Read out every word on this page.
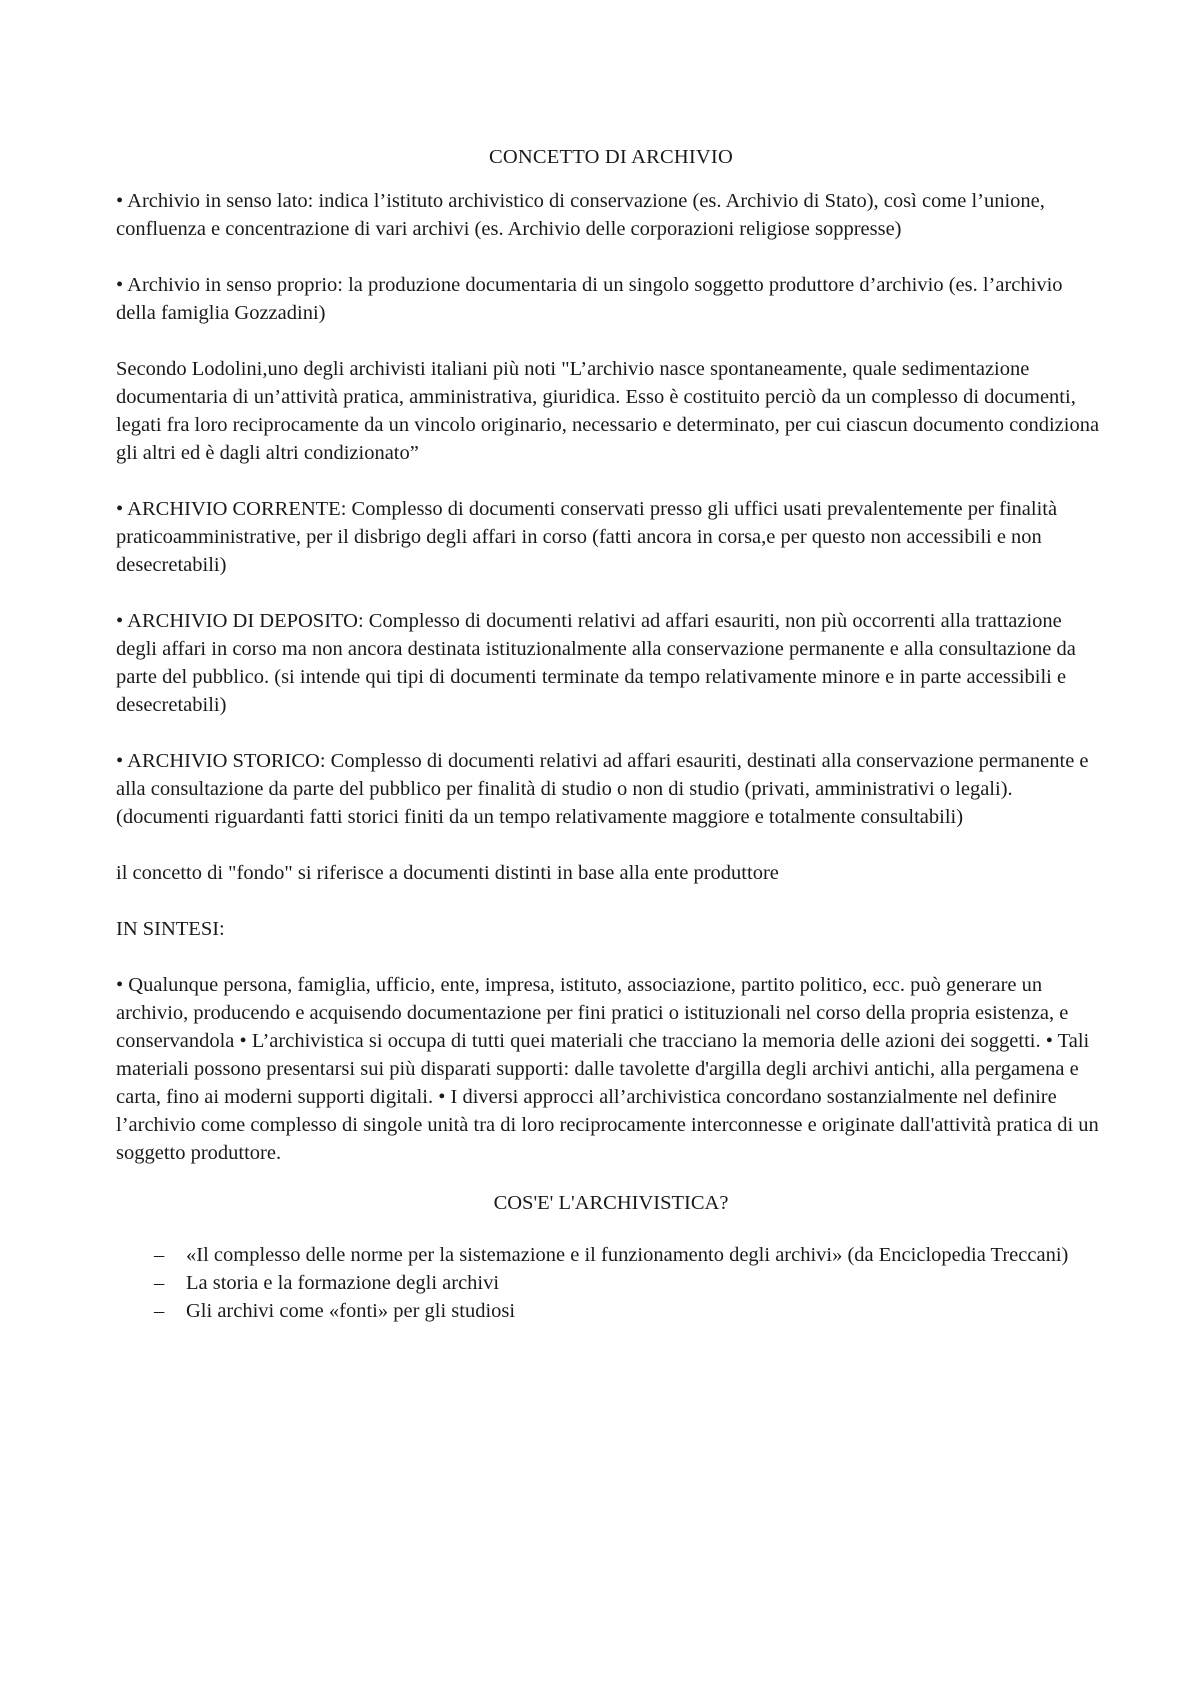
CONCETTO DI ARCHIVIO

• Archivio in senso lato: indica l’istituto archivistico di conservazione (es. Archivio di Stato), così come l’unione, confluenza e concentrazione di vari archivi (es. Archivio delle corporazioni religiose soppresse)

• Archivio in senso proprio: la produzione documentaria di un singolo soggetto produttore d’archivio (es. l’archivio della famiglia Gozzadini)

Secondo Lodolini,uno degli archivisti italiani più noti "L’archivio nasce spontaneamente, quale sedimentazione documentaria di un’attività pratica, amministrativa, giuridica. Esso è costituito perciò da un complesso di documenti, legati fra loro reciprocamente da un vincolo originario, necessario e determinato, per cui ciascun documento condiziona gli altri ed è dagli altri condizionato”

• ARCHIVIO CORRENTE: Complesso di documenti conservati presso gli uffici usati prevalentemente per finalità praticoamministrative, per il disbrigo degli affari in corso (fatti ancora in corsa,e per questo non accessibili e non desecretabili)

• ARCHIVIO DI DEPOSITO: Complesso di documenti relativi ad affari esauriti, non più occorrenti alla trattazione degli affari in corso ma non ancora destinata istituzionalmente alla conservazione permanente e alla consultazione da parte del pubblico. (si intende qui tipi di documenti terminate da tempo relativamente minore e in parte accessibili e desecretabili)

• ARCHIVIO STORICO: Complesso di documenti relativi ad affari esauriti, destinati alla conservazione permanente e alla consultazione da parte del pubblico per finalità di studio o non di studio (privati, amministrativi o legali). (documenti riguardanti fatti storici finiti da un tempo relativamente maggiore e totalmente consultabili)

il concetto di "fondo" si riferisce a documenti distinti in base alla ente produttore

IN SINTESI:

• Qualunque persona, famiglia, ufficio, ente, impresa, istituto, associazione, partito politico, ecc. può generare un archivio, producendo e acquisendo documentazione per fini pratici o istituzionali nel corso della propria esistenza, e conservandola • L’archivistica si occupa di tutti quei materiali che tracciano la memoria delle azioni dei soggetti. • Tali materiali possono presentarsi sui più disparati supporti: dalle tavolette d'argilla degli archivi antichi, alla pergamena e carta, fino ai moderni supporti digitali. • I diversi approcci all’archivistica concordano sostanzialmente nel definire l’archivio come complesso di singole unità tra di loro reciprocamente interconnesse e originate dall'attività pratica di un soggetto produttore.

COS'E' L'ARCHIVISTICA?
– «Il complesso delle norme per la sistemazione e il funzionamento degli archivi» (da Enciclopedia Treccani)
– La storia e la formazione degli archivi
– Gli archivi come «fonti» per gli studiosi
